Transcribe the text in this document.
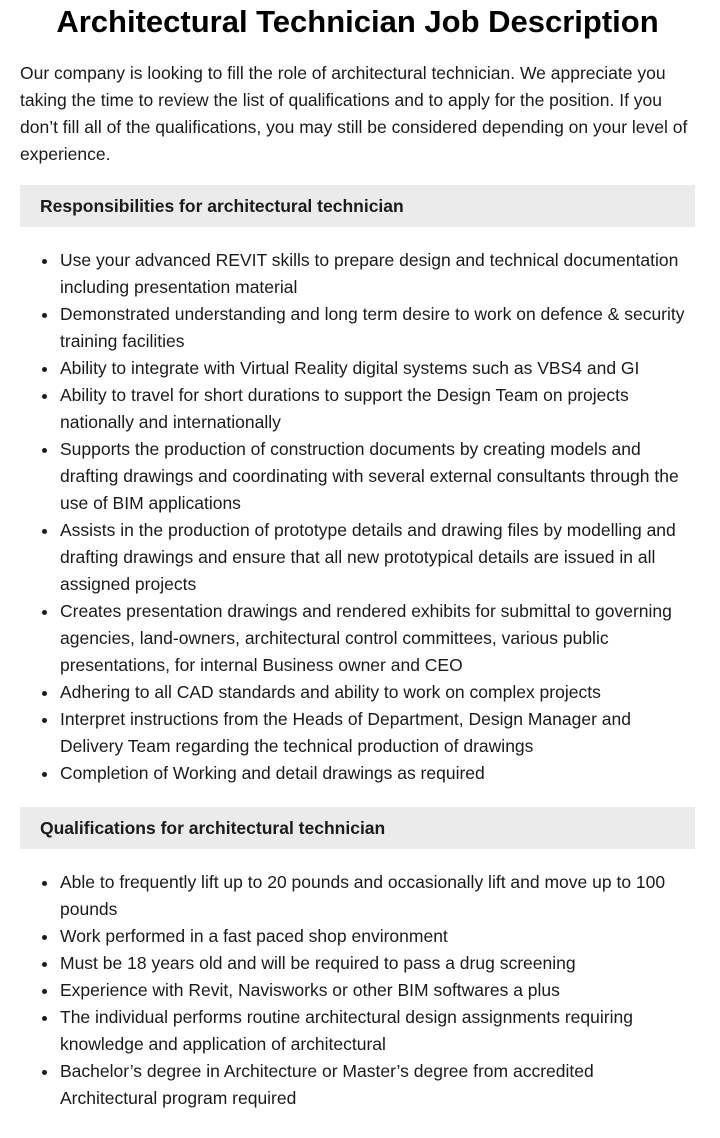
Architectural Technician Job Description

Our company is looking to fill the role of architectural technician. We appreciate you taking the time to review the list of qualifications and to apply for the position. If you don’t fill all of the qualifications, you may still be considered depending on your level of experience.

Responsibilities for architectural technician
Use your advanced REVIT skills to prepare design and technical documentation including presentation material
Demonstrated understanding and long term desire to work on defence & security training facilities
Ability to integrate with Virtual Reality digital systems such as VBS4 and GI
Ability to travel for short durations to support the Design Team on projects nationally and internationally
Supports the production of construction documents by creating models and drafting drawings and coordinating with several external consultants through the use of BIM applications
Assists in the production of prototype details and drawing files by modelling and drafting drawings and ensure that all new prototypical details are issued in all assigned projects
Creates presentation drawings and rendered exhibits for submittal to governing agencies, land-owners, architectural control committees, various public presentations, for internal Business owner and CEO
Adhering to all CAD standards and ability to work on complex projects
Interpret instructions from the Heads of Department, Design Manager and Delivery Team regarding the technical production of drawings
Completion of Working and detail drawings as required
Qualifications for architectural technician
Able to frequently lift up to 20 pounds and occasionally lift and move up to 100 pounds
Work performed in a fast paced shop environment
Must be 18 years old and will be required to pass a drug screening
Experience with Revit, Navisworks or other BIM softwares a plus
The individual performs routine architectural design assignments requiring knowledge and application of architectural
Bachelor’s degree in Architecture or Master’s degree from accredited Architectural program required
